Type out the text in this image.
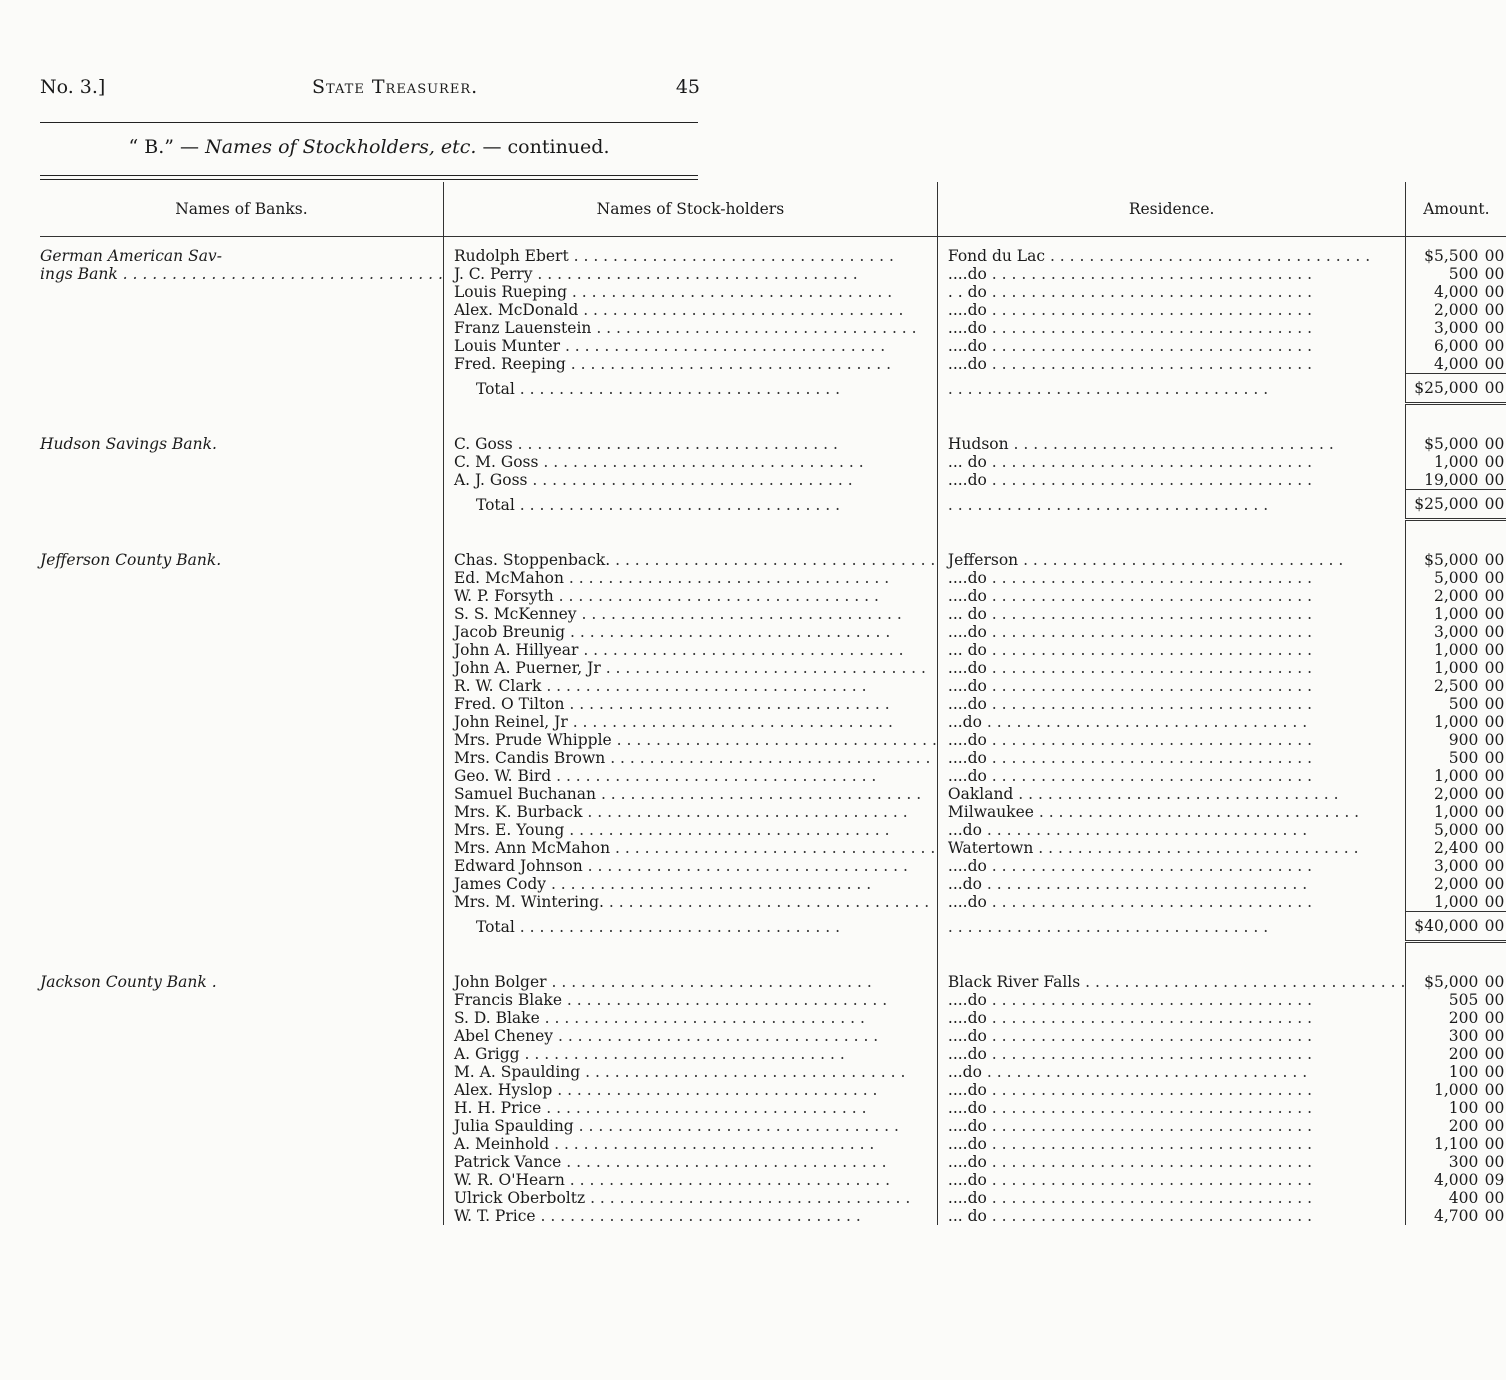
No. 3.]	State Treasurer.	45
“ B.” — Names of Stockholders, etc. — continued.
Names of Banks.	Names of Stock-holders	Residence.	Amount.

German American Sav-	Rudolph Ebert . . .	Fond du Lac . . .	$5,500 00
ings Bank . . .	J. C. Perry . . .	....do . . .	500 00
	Louis Rueping . . .	. . do . . .	4,000 00
	Alex. McDonald . . .	....do . . .	2,000 00
	Franz Lauenstein . . .	....do . . .	3,000 00
	Louis Munter . . .	....do . . .	6,000 00
	Fred. Reeping . . .	....do . . .	4,000 00
	Total . . .	. . .	$25,000 00

Hudson Savings Bank.	C. Goss . . .	Hudson . . .	$5,000 00
	C. M. Goss . . .	... do . . .	1,000 00
	A. J. Goss . . .	....do . . .	19,000 00
	Total . . .	. . .	$25,000 00

Jefferson County Bank.	Chas. Stoppenback. . . .	Jefferson . . .	$5,000 00
	Ed. McMahon . . .	....do . . .	5,000 00
	W. P. Forsyth . . .	....do . . .	2,000 00
	S. S. McKenney . . .	... do . . .	1,000 00
	Jacob Breunig . . .	....do . . .	3,000 00
	John A. Hillyear . . .	... do . . .	1,000 00
	John A. Puerner, Jr . . .	....do . . .	1,000 00
	R. W. Clark . . .	....do . . .	2,500 00
	Fred. O Tilton . . .	....do . . .	500 00
	John Reinel, Jr . . .	...do . . .	1,000 00
	Mrs. Prude Whipple . . .	....do . . .	900 00
	Mrs. Candis Brown . . .	....do . . .	500 00
	Geo. W. Bird . . .	....do . . .	1,000 00
	Samuel Buchanan . . .	Oakland . . .	2,000 00
	Mrs. K. Burback . . .	Milwaukee . . .	1,000 00
	Mrs. E. Young . . .	...do . . .	5,000 00
	Mrs. Ann McMahon . . .	Watertown . . .	2,400 00
	Edward Johnson . . .	....do . . .	3,000 00
	James Cody . . .	...do . . .	2,000 00
	Mrs. M. Wintering. . . .	....do . . .	1,000 00
	Total . . .	. . .	$40,000 00

Jackson County Bank .	John Bolger . . .	Black River Falls . . .	$5,000 00
	Francis Blake . . .	....do . . .	505 00
	S. D. Blake . . .	....do . . .	200 00
	Abel Cheney . . .	....do . . .	300 00
	A. Grigg . . .	....do . . .	200 00
	M. A. Spaulding . . .	...do . . .	100 00
	Alex. Hyslop . . .	....do . . .	1,000 00
	H. H. Price . . .	....do . . .	100 00
	Julia Spaulding . . .	....do . . .	200 00
	A. Meinhold . . .	....do . . .	1,100 00
	Patrick Vance . . .	....do . . .	300 00
	W. R. O'Hearn . . .	....do . . .	4,000 09
	Ulrick Oberboltz . . .	....do . . .	400 00
	W. T. Price . . .	... do . . .	4,700 00
